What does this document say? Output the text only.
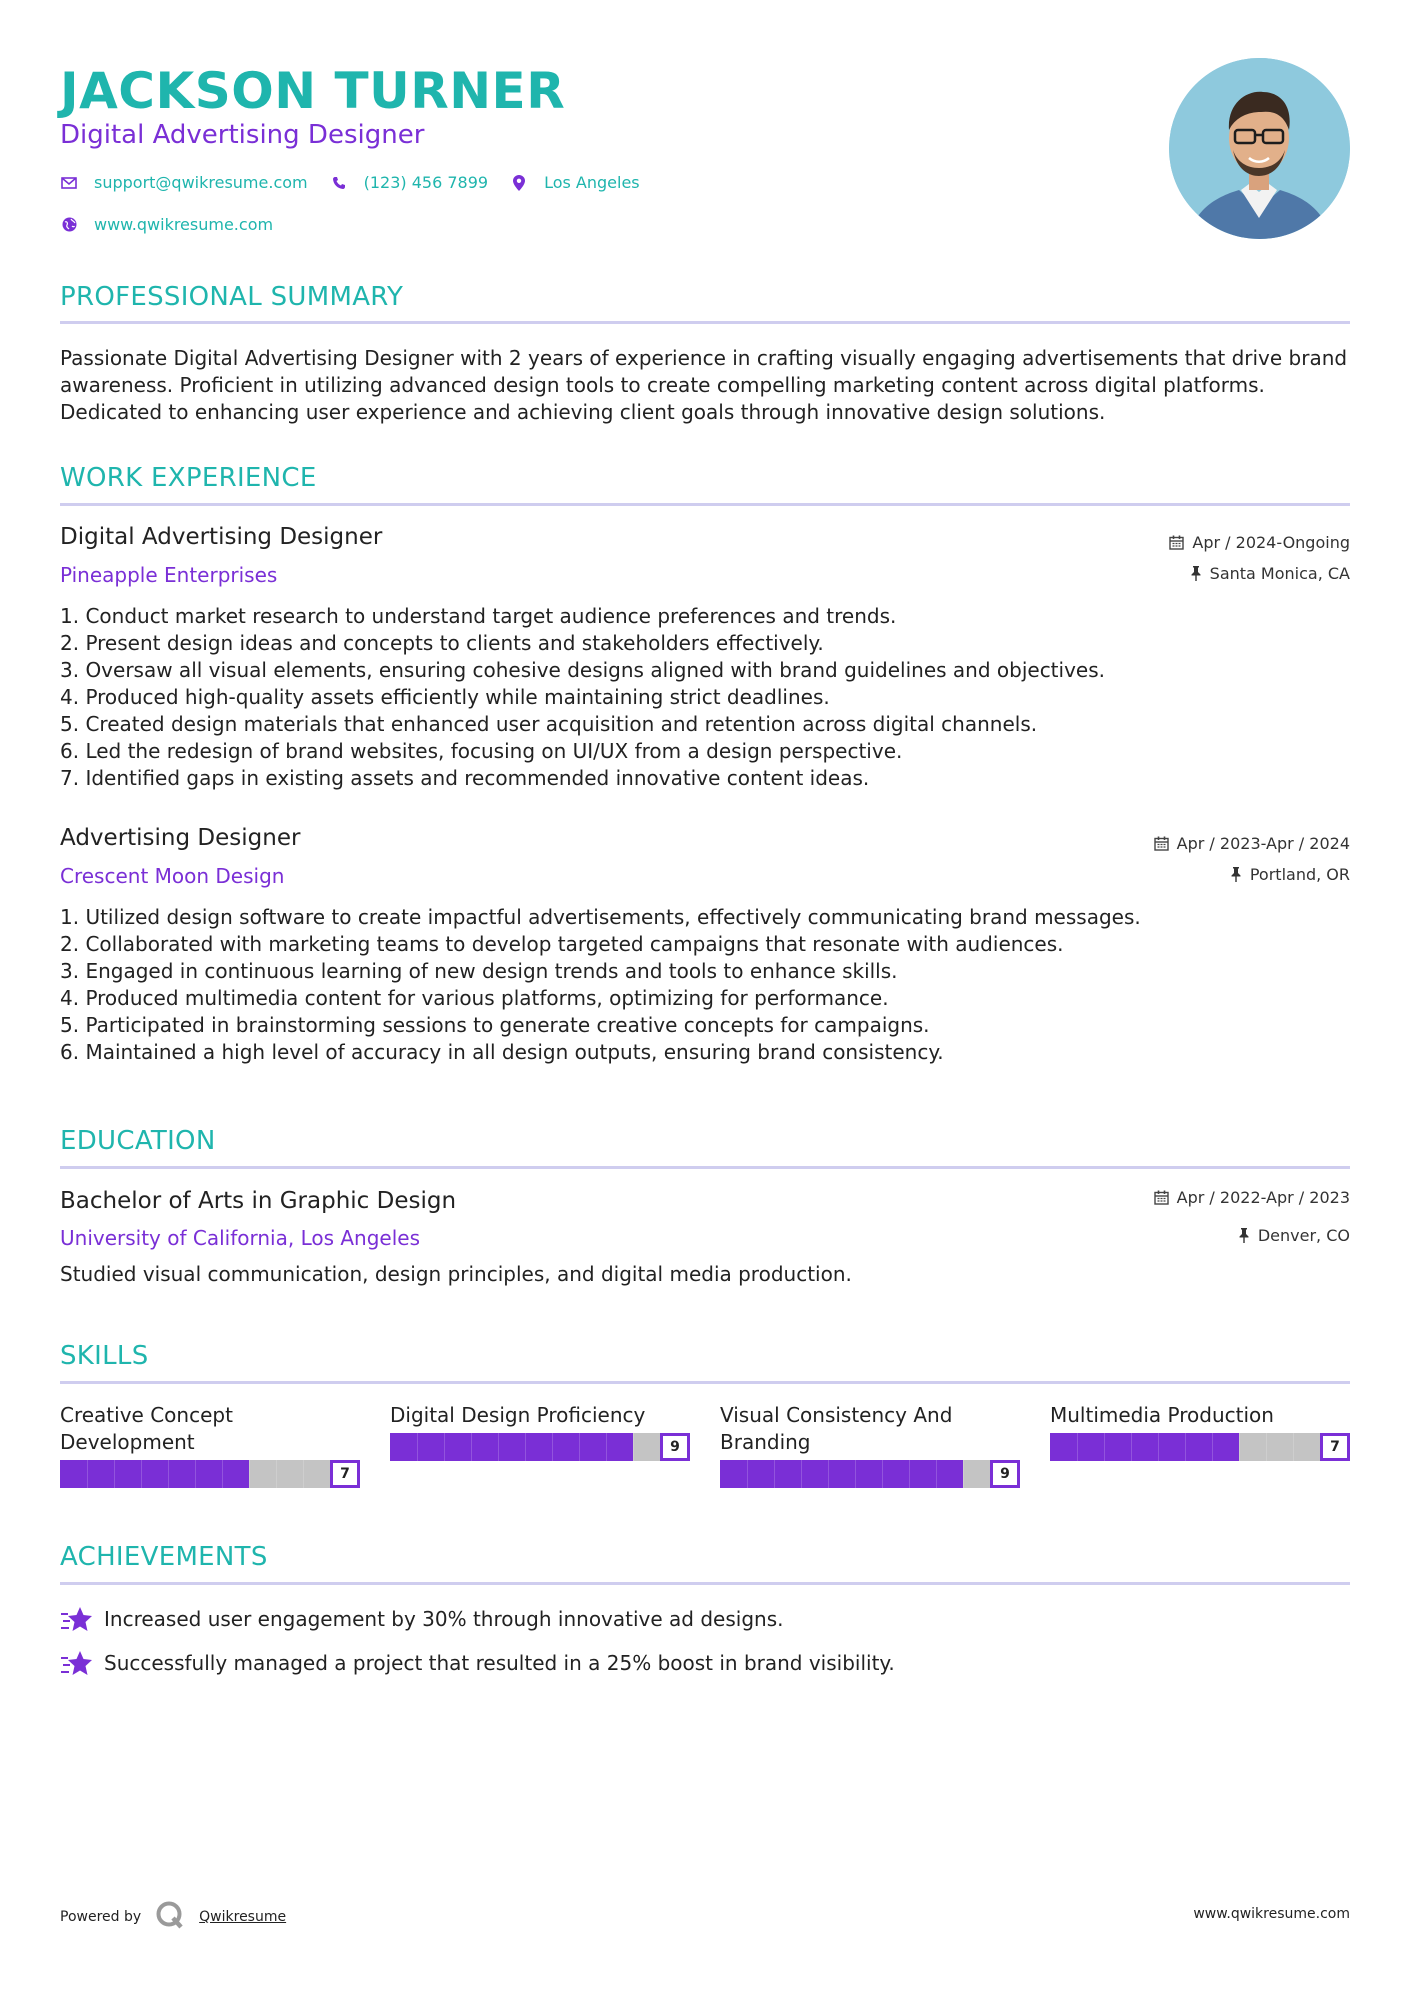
JACKSON TURNER
Digital Advertising Designer
support@qwikresume.com	(123) 456 7899	Los Angeles
www.qwikresume.com
PROFESSIONAL SUMMARY
Passionate Digital Advertising Designer with 2 years of experience in crafting visually engaging advertisements that drive brand awareness. Proficient in utilizing advanced design tools to create compelling marketing content across digital platforms. Dedicated to enhancing user experience and achieving client goals through innovative design solutions.
WORK EXPERIENCE
Digital Advertising Designer
Pineapple Enterprises
Apr / 2024-Ongoing
Santa Monica, CA
1. Conduct market research to understand target audience preferences and trends.
2. Present design ideas and concepts to clients and stakeholders effectively.
3. Oversaw all visual elements, ensuring cohesive designs aligned with brand guidelines and objectives.
4. Produced high-quality assets efficiently while maintaining strict deadlines.
5. Created design materials that enhanced user acquisition and retention across digital channels.
6. Led the redesign of brand websites, focusing on UI/UX from a design perspective.
7. Identified gaps in existing assets and recommended innovative content ideas.
Advertising Designer
Crescent Moon Design
Apr / 2023-Apr / 2024
Portland, OR
1. Utilized design software to create impactful advertisements, effectively communicating brand messages.
2. Collaborated with marketing teams to develop targeted campaigns that resonate with audiences.
3. Engaged in continuous learning of new design trends and tools to enhance skills.
4. Produced multimedia content for various platforms, optimizing for performance.
5. Participated in brainstorming sessions to generate creative concepts for campaigns.
6. Maintained a high level of accuracy in all design outputs, ensuring brand consistency.
EDUCATION
Bachelor of Arts in Graphic Design
University of California, Los Angeles
Apr / 2022-Apr / 2023
Denver, CO
Studied visual communication, design principles, and digital media production.
SKILLS
Creative Concept Development
7
Digital Design Proficiency
9
Visual Consistency And Branding
9
Multimedia Production
7
ACHIEVEMENTS
Increased user engagement by 30% through innovative ad designs.
Successfully managed a project that resulted in a 25% boost in brand visibility.
Powered by	Qwikresume	www.qwikresume.com
